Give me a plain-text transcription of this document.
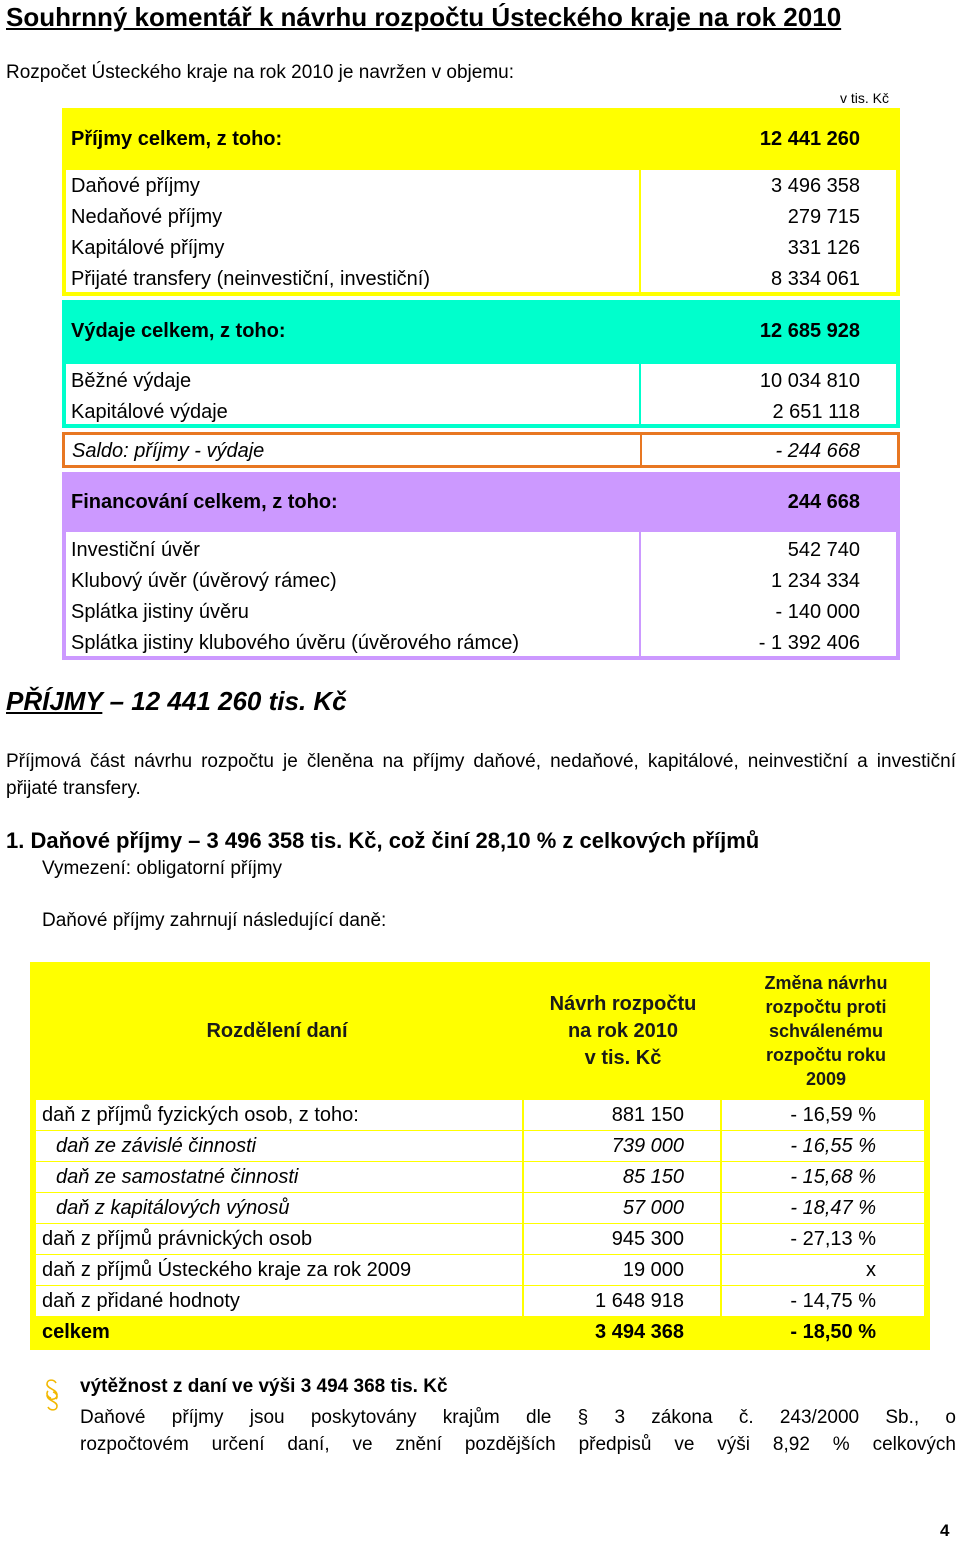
Souhrnný komentář k návrhu rozpočtu Ústeckého kraje na rok 2010
Rozpočet Ústeckého kraje na rok 2010 je navržen v objemu:
v tis. Kč
Příjmy celkem, z toho:	12 441 260
Daňové příjmy	3 496 358
Nedaňové příjmy	279 715
Kapitálové příjmy	331 126
Přijaté transfery (neinvestiční, investiční)	8 334 061
Výdaje celkem, z toho:	12 685 928
Běžné výdaje	10 034 810
Kapitálové výdaje	2 651 118
Saldo: příjmy - výdaje	- 244 668
Financování celkem, z toho:	244 668
Investiční úvěr	542 740
Klubový úvěr (úvěrový rámec)	1 234 334
Splátka jistiny úvěru	- 140 000
Splátka jistiny klubového úvěru (úvěrového rámce)	- 1 392 406
PŘÍJMY – 12 441 260 tis. Kč
Příjmová část návrhu rozpočtu je členěna na příjmy daňové, nedaňové, kapitálové, neinvestiční a investiční přijaté transfery.
1. Daňové příjmy – 3 496 358 tis. Kč, což činí 28,10 % z celkových příjmů
Vymezení: obligatorní příjmy
Daňové příjmy zahrnují následující daně:
Rozdělení daní
Návrh rozpočtu
na rok 2010
v tis. Kč
Změna návrhu
rozpočtu proti
schválenému
rozpočtu roku
2009
daň z příjmů fyzických osob, z toho:	881 150	- 16,59 %
daň ze závislé činnosti	739 000	- 16,55 %
daň ze samostatné činnosti	85 150	- 15,68 %
daň z kapitálových výnosů	57 000	- 18,47 %
daň z příjmů právnických osob	945 300	- 27,13 %
daň z příjmů Ústeckého kraje za rok 2009	19 000	x
daň z přidané hodnoty	1 648 918	- 14,75 %
celkem	3 494 368	- 18,50 %
výtěžnost z daní ve výši 3 494 368 tis. Kč
Daňové příjmy jsou poskytovány krajům dle § 3 zákona č. 243/2000 Sb., o
rozpočtovém určení daní, ve znění pozdějších předpisů ve výši 8,92 % celkových
4
